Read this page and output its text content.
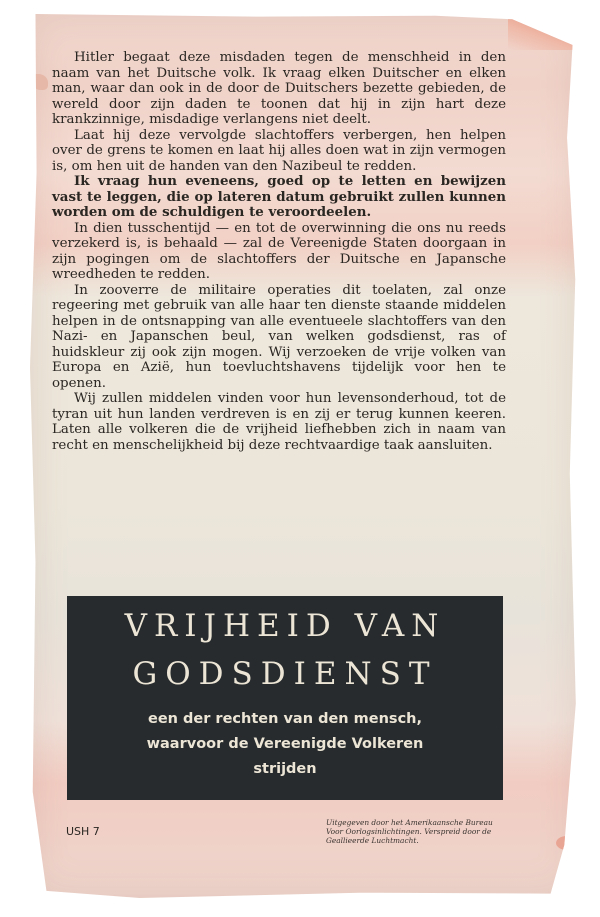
Hitler begaat deze misdaden tegen de menschheid in den naam van het Duitsche volk. Ik vraag elken Duitscher en elken man, waar dan ook in de door de Duitschers bezette gebieden, de wereld door zijn daden te toonen dat hij in zijn hart deze krankzinnige, misdadige verlangens niet deelt.

Laat hij deze vervolgde slachtoffers verbergen, hen helpen over de grens te komen en laat hij alles doen wat in zijn vermogen is, om hen uit de handen van den Nazibeul te redden.

Ik vraag hun eveneens, goed op te letten en bewijzen vast te leggen, die op lateren datum gebruikt zullen kunnen worden om de schuldigen te veroordeelen.

In dien tusschentijd — en tot de overwinning die ons nu reeds verzekerd is, is behaald — zal de Vereenigde Staten doorgaan in zijn pogingen om de slachtoffers der Duitsche en Japansche wreedheden te redden.

In zooverre de militaire operaties dit toelaten, zal onze regeering met gebruik van alle haar ten dienste staande middelen helpen in de ontsnapping van alle eventueele slachtoffers van den Nazi- en Japanschen beul, van welken godsdienst, ras of huidskleur zij ook zijn mogen. Wij verzoeken de vrije volken van Europa en Azië, hun toevluchtshavens tijdelijk voor hen te openen.

Wij zullen middelen vinden voor hun levensonderhoud, tot de tyran uit hun landen verdreven is en zij er terug kunnen keeren. Laten alle volkeren die de vrijheid liefhebben zich in naam van recht en menschelijkheid bij deze rechtvaardige taak aansluiten.

VRIJHEID VAN
GODSDIENST
een der rechten van den mensch,
waarvoor de Vereenigde Volkeren
strijden
USH 7
Uitgegeven door het Amerikaansche Bureau Voor Oorlogsinlichtingen. Verspreid door de Geallieerde Luchtmacht.
